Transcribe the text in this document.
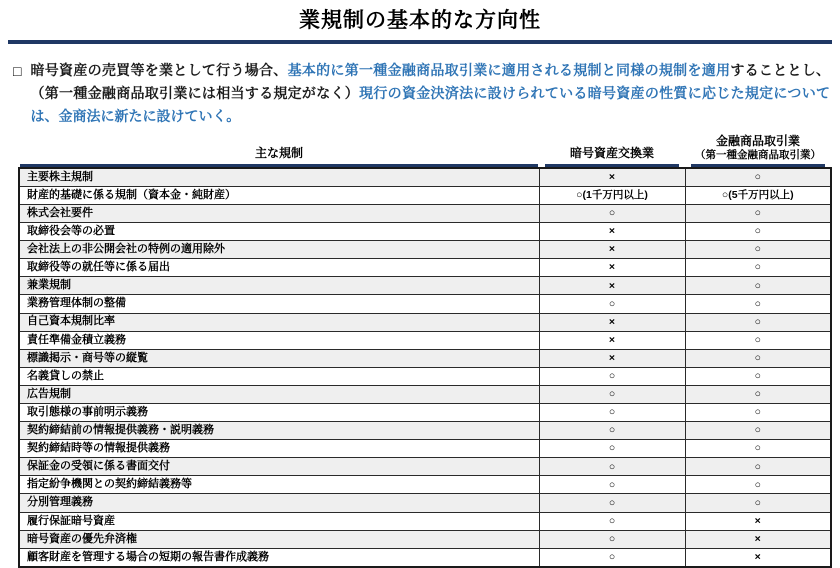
業規制の基本的な方向性
□ 暗号資産の売買等を業として行う場合、基本的に第一種金融商品取引業に適用される規制と同様の規制を適用することとし、（第一種金融商品取引業には相当する規定がなく）現行の資金決済法に設けられている暗号資産の性質に応じた規定については、金商法に新たに設けていく。
主な規制	暗号資産交換業	金融商品取引業
（第一種金融商品取引業）

主要株主規制	×	○
財産的基礎に係る規制（資本金・純財産）	○(1千万円以上)	○(5千万円以上)
株式会社要件	○	○
取締役会等の必置	×	○
会社法上の非公開会社の特例の適用除外	×	○
取締役等の就任等に係る届出	×	○
兼業規制	×	○
業務管理体制の整備	○	○
自己資本規制比率	×	○
責任準備金積立義務	×	○
標識掲示・商号等の縦覧	×	○
名義貸しの禁止	○	○
広告規制	○	○
取引態様の事前明示義務	○	○
契約締結前の情報提供義務・説明義務	○	○
契約締結時等の情報提供義務	○	○
保証金の受領に係る書面交付	○	○
指定紛争機関との契約締結義務等	○	○
分別管理義務	○	○
履行保証暗号資産	○	×
暗号資産の優先弁済権	○	×
顧客財産を管理する場合の短期の報告書作成義務	○	×
